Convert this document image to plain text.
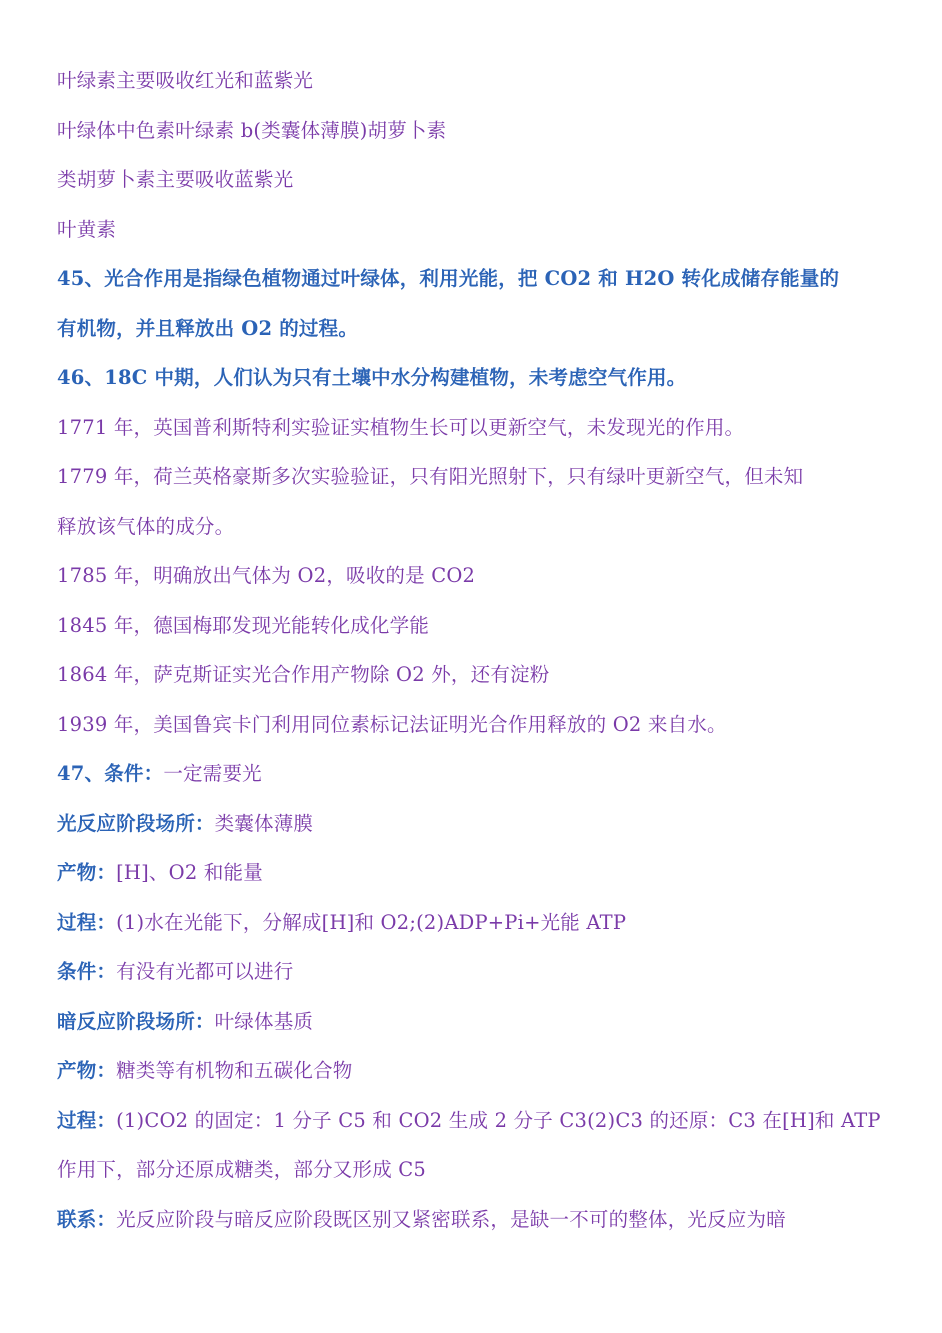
叶绿素主要吸收红光和蓝紫光
叶绿体中色素叶绿素 b(类囊体薄膜)胡萝卜素
类胡萝卜素主要吸收蓝紫光
叶黄素
45、光合作用是指绿色植物通过叶绿体，利用光能，把 CO2 和 H2O 转化成储存能量的
有机物，并且释放出 O2 的过程。
46、18C 中期，人们认为只有土壤中水分构建植物，未考虑空气作用。
1771 年，英国普利斯特利实验证实植物生长可以更新空气，未发现光的作用。
1779 年，荷兰英格豪斯多次实验验证，只有阳光照射下，只有绿叶更新空气，但未知
释放该气体的成分。
1785 年，明确放出气体为 O2，吸收的是 CO2
1845 年，德国梅耶发现光能转化成化学能
1864 年，萨克斯证实光合作用产物除 O2 外，还有淀粉
1939 年，美国鲁宾卡门利用同位素标记法证明光合作用释放的 O2 来自水。
47、条件：一定需要光
光反应阶段场所：类囊体薄膜
产物：[H]、O2 和能量
过程：(1)水在光能下，分解成[H]和 O2;(2)ADP+Pi+光能 ATP
条件：有没有光都可以进行
暗反应阶段场所：叶绿体基质
产物：糖类等有机物和五碳化合物
过程：(1)CO2 的固定：1 分子 C5 和 CO2 生成 2 分子 C3(2)C3 的还原：C3 在[H]和 ATP
作用下，部分还原成糖类，部分又形成 C5
联系：光反应阶段与暗反应阶段既区别又紧密联系，是缺一不可的整体，光反应为暗
